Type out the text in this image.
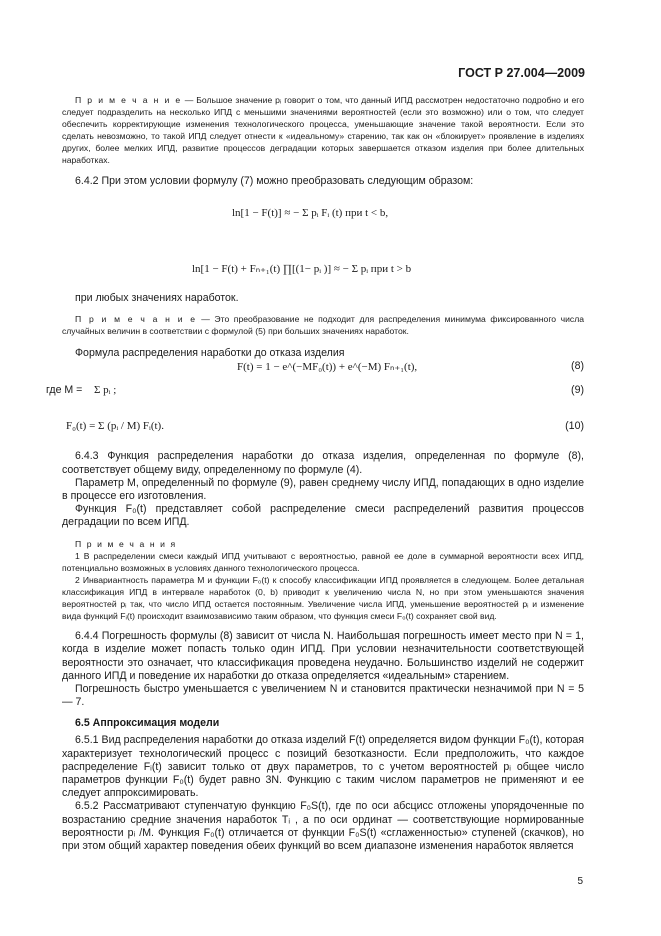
ГОСТ Р 27.004—2009

П р и м е ч а н и е — Большое значение pᵢ говорит о том, что данный ИПД рассмотрен недостаточно подробно и его следует подразделить на несколько ИПД с меньшими значениями вероятностей (если это возможно) или о том, что следует обеспечить корректирующие изменения технологического процесса, уменьшающие значение такой вероятности. Если это сделать невозможно, то такой ИПД следует отнести к «идеальному» старению, так как он «блокирует» проявление в изделиях других, более мелких ИПД, развитие процессов деградации которых завершается отказом изделия при более длительных наработках.

6.4.2 При этом условии формулу (7) можно преобразовать следующим образом:

ln[1 − F(t)] ≈ − Σ pᵢ Fᵢ (t) при t < b,
ln[1 − F(t) + Fₙ₊₁(t) ∏[(1− pᵢ )] ≈ − Σ pᵢ при t > b

при любых значениях наработок.

П р и м е ч а н и е — Это преобразование не подходит для распределения минимума фиксированного числа случайных величин в соответствии с формулой (5) при больших значениях наработок.

Формула распределения наработки до отказа изделия

F(t) = 1 − e^(−MF₀(t)) + e^(−M) Fₙ₊₁(t),	(8)
где M = Σ pᵢ ;	(9)
F₀(t) = Σ (pᵢ / M) Fᵢ(t).	(10)

6.4.3 Функция распределения наработки до отказа изделия, определенная по формуле (8), соответствует общему виду, определенному по формуле (4).

Параметр M, определенный по формуле (9), равен среднему числу ИПД, попадающих в одно изделие в процессе его изготовления.

Функция F₀(t) представляет собой распределение смеси распределений развития процессов деградации по всем ИПД.

П р и м е ч а н и я

1 В распределении смеси каждый ИПД учитывают с вероятностью, равной ее доле в суммарной вероятности всех ИПД, потенциально возможных в условиях данного технологического процесса.

2 Инвариантность параметра M и функции F₀(t) к способу классификации ИПД проявляется в следующем. Более детальная классификация ИПД в интервале наработок (0, b) приводит к увеличению числа N, но при этом уменьшаются значения вероятностей pᵢ так, что число ИПД остается постоянным. Увеличение числа ИПД, уменьшение вероятностей pᵢ и изменение вида функций Fᵢ(t) происходит взаимозависимо таким образом, что функция смеси F₀(t) сохраняет свой вид.

6.4.4 Погрешность формулы (8) зависит от числа N. Наибольшая погрешность имеет место при N = 1, когда в изделие может попасть только один ИПД. При условии незначительности соответствующей вероятности это означает, что классификация проведена неудачно. Большинство изделий не содержит данного ИПД и поведение их наработки до отказа определяется «идеальным» старением.

Погрешность быстро уменьшается с увеличением N и становится практически незначимой при N = 5 — 7.

6.5 Аппроксимация модели

6.5.1 Вид распределения наработки до отказа изделий F(t) определяется видом функции F₀(t), которая характеризует технологический процесс с позиций безотказности. Если предположить, что каждое распределение Fᵢ(t) зависит только от двух параметров, то с учетом вероятностей pᵢ общее число параметров функции F₀(t) будет равно 3N. Функцию с таким числом параметров не применяют и ее следует аппроксимировать.

6.5.2 Рассматривают ступенчатую функцию F₀S(t), где по оси абсцисс отложены упорядоченные по возрастанию средние значения наработок Tᵢ , а по оси ординат — соответствующие нормированные вероятности pᵢ /M. Функция F₀(t) отличается от функции F₀S(t) «сглаженностью» ступеней (скачков), но при этом общий характер поведения обеих функций во всем диапазоне изменения наработок является

5
